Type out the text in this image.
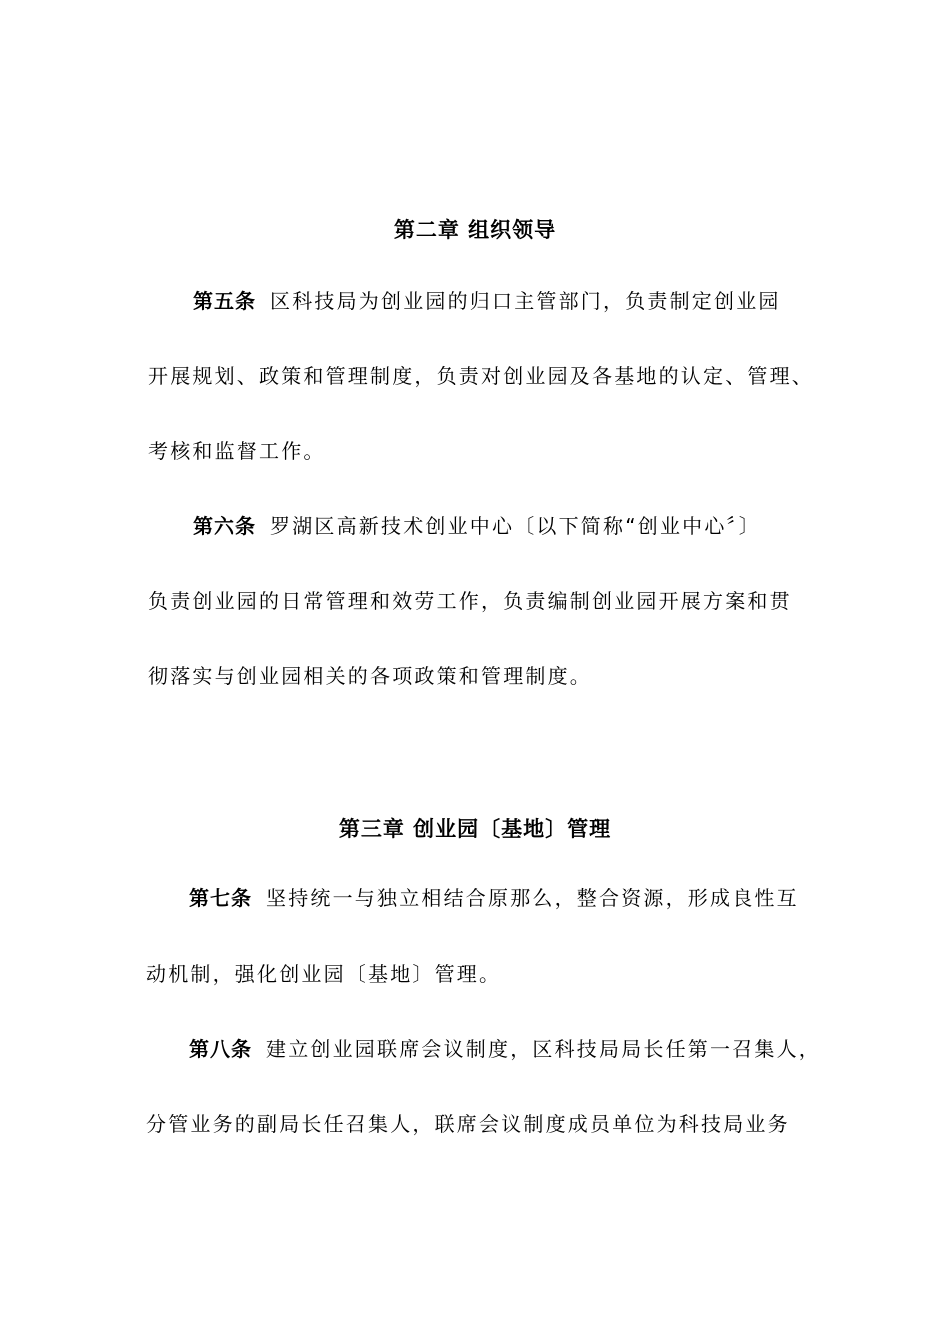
第二章 组织领导
第五条 区科技局为创业园的归口主管部门，负责制定创业园
开展规划、政策和管理制度，负责对创业园及各基地的认定、管理、
考核和监督工作。
第六条 罗湖区高新技术创业中心〔以下简称“创业中心〞〕
负责创业园的日常管理和效劳工作，负责编制创业园开展方案和贯
彻落实与创业园相关的各项政策和管理制度。
第三章 创业园〔基地〕管理
第七条 坚持统一与独立相结合原那么，整合资源，形成良性互
动机制，强化创业园〔基地〕管理。
第八条 建立创业园联席会议制度，区科技局局长任第一召集人，
分管业务的副局长任召集人，联席会议制度成员单位为科技局业务
